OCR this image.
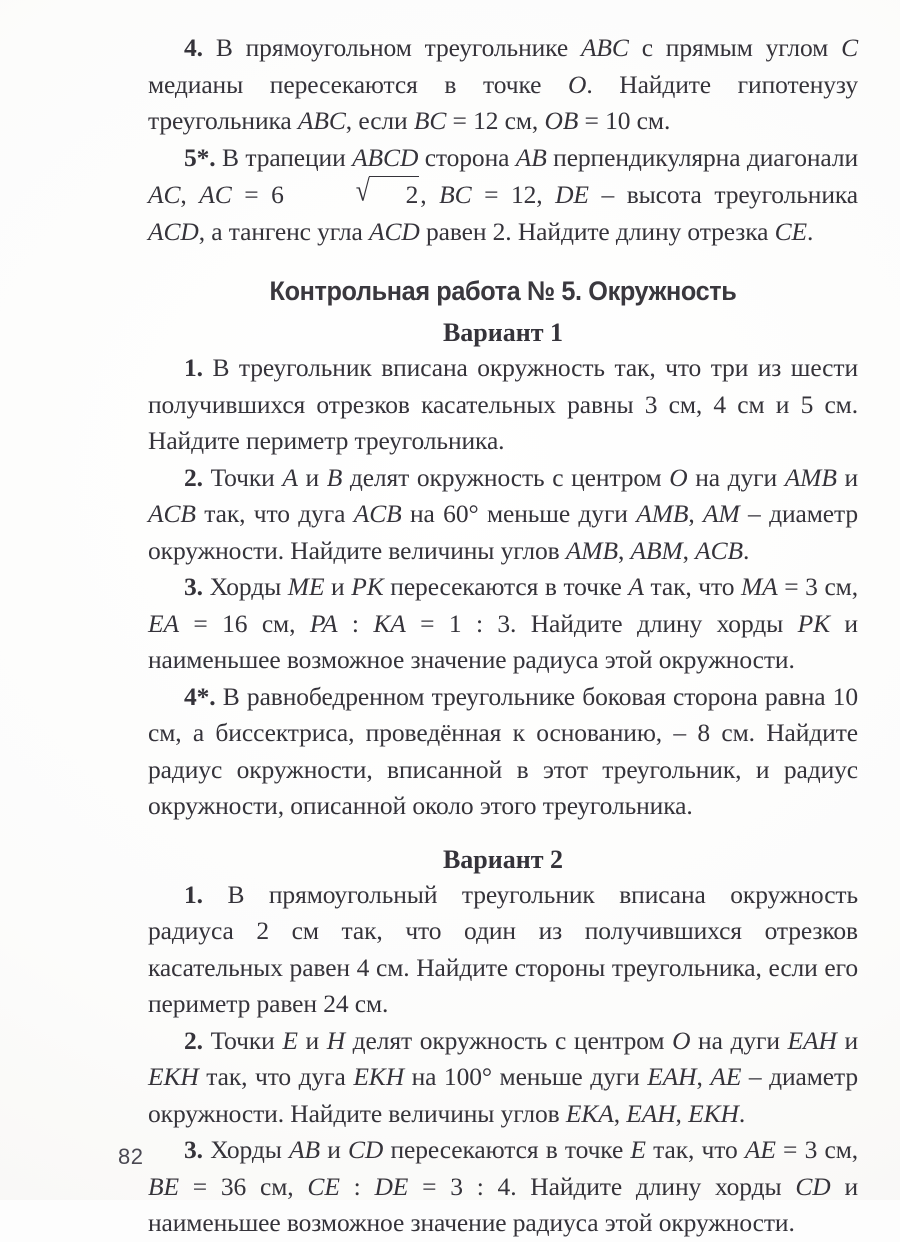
4. В прямоугольном треугольнике ABC с прямым углом C медианы пересекаются в точке O. Найдите гипотенузу треугольника ABC, если BC = 12 см, OB = 10 см.

5*. В трапеции ABCD сторона AB перпендикулярна диагонали AC, AC = 6	√ 2, BC = 12, DE – высота треугольника ACD, а тангенс угла ACD равен 2. Найдите длину отрезка CE.

Контрольная работа № 5. Окружность
Вариант 1

1. В треугольник вписана окружность так, что три из шести получившихся отрезков касательных равны 3 см, 4 см и 5 см. Найдите периметр треугольника.

2. Точки A и B делят окружность с центром O на дуги AMB и ACB так, что дуга ACB на 60° меньше дуги AMB, AM – диаметр окружности. Найдите величины углов AMB, ABM, ACB.

3. Хорды ME и PK пересекаются в точке A так, что MA = 3 см, EA = 16 см, PA : KA = 1 : 3. Найдите длину хорды PK и наименьшее возможное значение радиуса этой окружности.

4*. В равнобедренном треугольнике боковая сторона равна 10 см, а биссектриса, проведённая к основанию, – 8 см. Найдите радиус окружности, вписанной в этот треугольник, и радиус окружности, описанной около этого треугольника.

Вариант 2

1. В прямоугольный треугольник вписана окружность радиуса 2 см так, что один из получившихся отрезков касательных равен 4 см. Найдите стороны треугольника, если его периметр равен 24 см.

2. Точки E и H делят окружность с центром O на дуги EAH и EKH так, что дуга EKH на 100° меньше дуги EAH, AE – диаметр окружности. Найдите величины углов EKA, EAH, EKH.

3. Хорды AB и CD пересекаются в точке E так, что AE = 3 см, BE = 36 см, CE : DE = 3 : 4. Найдите длину хорды CD и наименьшее возможное значение радиуса этой окружности.

82
